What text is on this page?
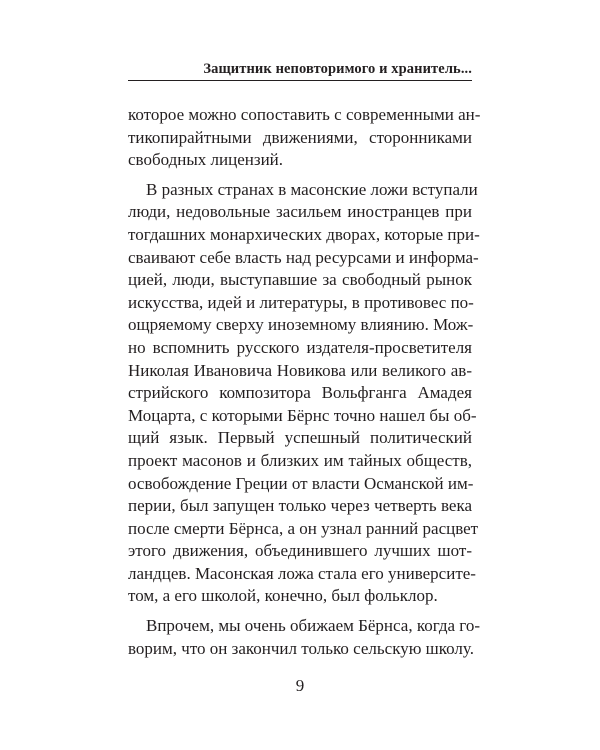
Защитник неповторимого и хранитель...
которое можно сопоставить с современными ан-
тикопирайтными движениями, сторонниками
свободных лицензий.
В разных странах в масонские ложи вступали
люди, недовольные засильем иностранцев при
тогдашних монархических дворах, которые при-
сваивают себе власть над ресурсами и информа-
цией, люди, выступавшие за свободный рынок
искусства, идей и литературы, в противовес по-
ощряемому сверху иноземному влиянию. Мож-
но вспомнить русского издателя-просветителя
Николая Ивановича Новикова или великого ав-
стрийского композитора Вольфганга Амадея
Моцарта, с которыми Бёрнс точно нашел бы об-
щий язык. Первый успешный политический
проект масонов и близких им тайных обществ,
освобождение Греции от власти Османской им-
перии, был запущен только через четверть века
после смерти Бёрнса, а он узнал ранний расцвет
этого движения, объединившего лучших шот-
ландцев. Масонская ложа стала его университе-
том, а его школой, конечно, был фольклор.
Впрочем, мы очень обижаем Бёрнса, когда го-
ворим, что он закончил только сельскую школу.
9
